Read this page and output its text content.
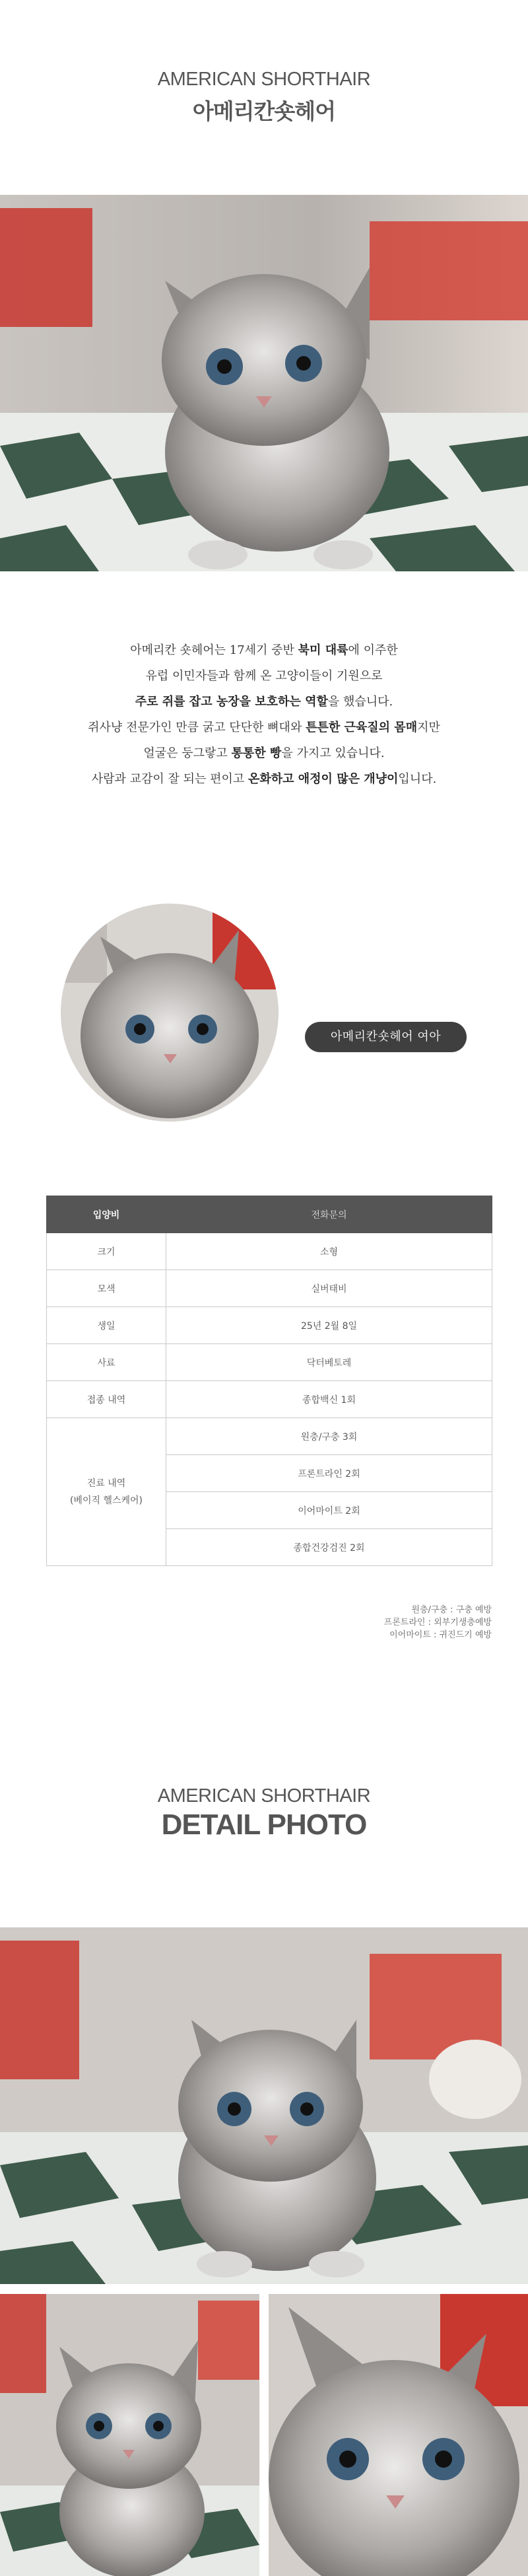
AMERICAN SHORTHAIR
아메리칸숏헤어
아메리칸 숏헤어는 17세기 중반 북미 대륙에 이주한
유럽 이민자들과 함께 온 고양이들이 기원으로
주로 쥐를 잡고 농장을 보호하는 역할을 했습니다.
쥐사냥 전문가인 만큼 굵고 단단한 뼈대와 튼튼한 근육질의 몸매지만
얼굴은 둥그랗고 통통한 빵을 가지고 있습니다.
사람과 교감이 잘 되는 편이고 온화하고 애정이 많은 개냥이입니다.
아메리칸숏헤어 여아
입양비	전화문의
크기	소형
모색	실버태비
생일	25년 2월 8일
사료	닥터베토레
접종 내역	종합백신 1회

진료 내역
(베이직 헬스케어)	원충/구충 3회
	프론트라인 2회
	이어마이트 2회
	종합건강검진 2회
원충/구충 : 구충 예방
프론트라인 : 외부기생충예방
이어마이트 : 귀진드기 예방
AMERICAN SHORTHAIR
DETAIL PHOTO
